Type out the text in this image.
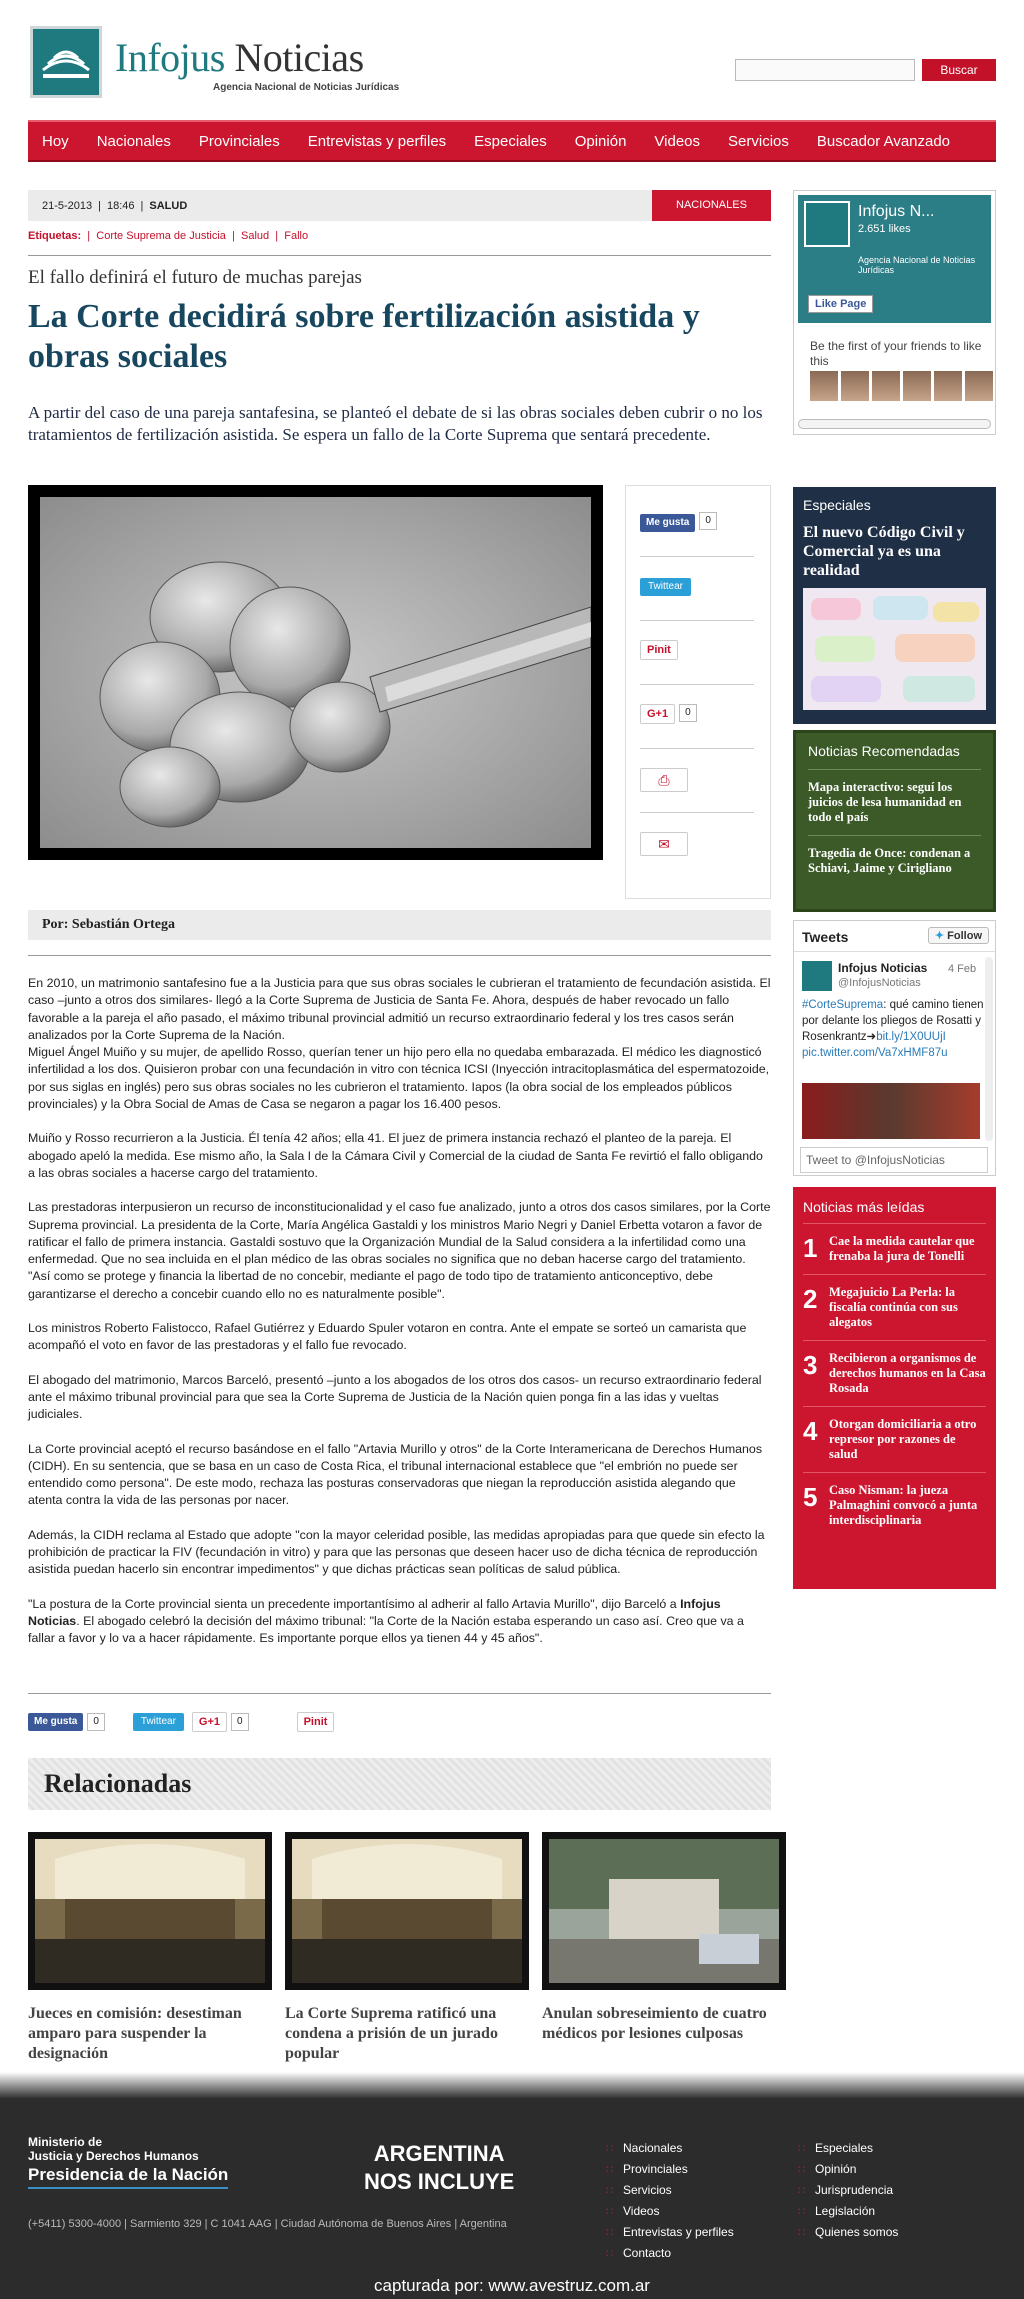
Infojus Noticias
Agencia Nacional de Noticias Jurídicas
Buscar
Hoy	Nacionales	Provinciales	Entrevistas y perfiles	Especiales	Opinión	Videos	Servicios	Buscador Avanzado
21-5-2013 | 18:46 | SALUD	NACIONALES
Etiquetas:  |  Corte Suprema de Justicia  |  Salud  |  Fallo
El fallo definirá el futuro de muchas parejas
La Corte decidirá sobre fertilización asistida y obras sociales

A partir del caso de una pareja santafesina, se planteó el debate de si las obras sociales deben cubrir o no los tratamientos de fertilización asistida. Se espera un fallo de la Corte Suprema que sentará precedente.

Me gusta 0
Twittear
Pinit
G+1 0
⎙
✉
Por: Sebastián Ortega

En 2010, un matrimonio santafesino fue a la Justicia para que sus obras sociales le cubrieran el tratamiento de fecundación asistida. El caso –junto a otros dos similares- llegó a la Corte Suprema de Justicia de Santa Fe. Ahora, después de haber revocado un fallo favorable a la pareja el año pasado, el máximo tribunal provincial admitió un recurso extraordinario federal y los tres casos serán analizados por la Corte Suprema de la Nación.
Miguel Ángel Muiño y su mujer, de apellido Rosso, querían tener un hijo pero ella no quedaba embarazada. El médico les diagnosticó infertilidad a los dos. Quisieron probar con una fecundación in vitro con técnica ICSI (Inyección intracitoplasmática del espermatozoide, por sus siglas en inglés) pero sus obras sociales no les cubrieron el tratamiento. Iapos (la obra social de los empleados públicos provinciales) y la Obra Social de Amas de Casa se negaron a pagar los 16.400 pesos.

Muiño y Rosso recurrieron a la Justicia. Él tenía 42 años; ella 41. El juez de primera instancia rechazó el planteo de la pareja. El abogado apeló la medida. Ese mismo año, la Sala I de la Cámara Civil y Comercial de la ciudad de Santa Fe revirtió el fallo obligando a las obras sociales a hacerse cargo del tratamiento.

Las prestadoras interpusieron un recurso de inconstitucionalidad y el caso fue analizado, junto a otros dos casos similares, por la Corte Suprema provincial. La presidenta de la Corte, María Angélica Gastaldi y los ministros Mario Negri y Daniel Erbetta votaron a favor de ratificar el fallo de primera instancia. Gastaldi sostuvo que la Organización Mundial de la Salud considera a la infertilidad como una enfermedad. Que no sea incluida en el plan médico de las obras sociales no significa que no deban hacerse cargo del tratamiento. "Así como se protege y financia la libertad de no concebir, mediante el pago de todo tipo de tratamiento anticonceptivo, debe garantizarse el derecho a concebir cuando ello no es naturalmente posible".

Los ministros Roberto Falistocco, Rafael Gutiérrez y Eduardo Spuler votaron en contra. Ante el empate se sorteó un camarista que acompañó el voto en favor de las prestadoras y el fallo fue revocado.

El abogado del matrimonio, Marcos Barceló, presentó –junto a los abogados de los otros dos casos- un recurso extraordinario federal ante el máximo tribunal provincial para que sea la Corte Suprema de Justicia de la Nación quien ponga fin a las idas y vueltas judiciales.

La Corte provincial aceptó el recurso basándose en el fallo "Artavia Murillo y otros" de la Corte Interamericana de Derechos Humanos (CIDH). En su sentencia, que se basa en un caso de Costa Rica, el tribunal internacional establece que "el embrión no puede ser entendido como persona". De este modo, rechaza las posturas conservadoras que niegan la reproducción asistida alegando que atenta contra la vida de las personas por nacer.

Además, la CIDH reclama al Estado que adopte "con la mayor celeridad posible, las medidas apropiadas para que quede sin efecto la prohibición de practicar la FIV (fecundación in vitro) y para que las personas que deseen hacer uso de dicha técnica de reproducción asistida puedan hacerlo sin encontrar impedimentos" y que dichas prácticas sean políticas de salud pública.

"La postura de la Corte provincial sienta un precedente importantísimo al adherir al fallo Artavia Murillo", dijo Barceló a Infojus Noticias. El abogado celebró la decisión del máximo tribunal: "la Corte de la Nación estaba esperando un caso así. Creo que va a fallar a favor y lo va a hacer rápidamente. Es importante porque ellos ya tienen 44 y 45 años".

Me gusta	0	Twittear	G+1	0	Pinit
Relacionadas
Jueces en comisión: desestiman amparo para suspender la designación
La Corte Suprema ratificó una condena a prisión de un jurado popular
Anulan sobreseimiento de cuatro médicos por lesiones culposas
Infojus N...
2.651 likes
Agencia Nacional de Noticias Jurídicas
Like Page
Be the first of your friends to like this
Especiales
El nuevo Código Civil y Comercial ya es una realidad
Noticias Recomendadas
Mapa interactivo: seguí los juicios de lesa humanidad en todo el país
Tragedia de Once: condenan a Schiavi, Jaime y Cirigliano
Tweets	✦ Follow
Infojus Noticias
@InfojusNoticias
4 Feb
#CorteSuprema: qué camino tienen por delante los pliegos de Rosatti y Rosenkrantz➜bit.ly/1X0UUjI
pic.twitter.com/Va7xHMF87u
Tweet to @InfojusNoticias
Noticias más leídas
1 Cae la medida cautelar que frenaba la jura de Tonelli
2 Megajuicio La Perla: la fiscalía continúa con sus alegatos
3 Recibieron a organismos de derechos humanos en la Casa Rosada
4 Otorgan domiciliaria a otro represor por razones de salud
5 Caso Nisman: la jueza Palmaghini convocó a junta interdisciplinaria
Ministerio de
Justicia y Derechos Humanos
Presidencia de la Nación
ARGENTINA
NOS INCLUYE
(+5411) 5300-4000 | Sarmiento 329 | C 1041 AAG | Ciudad Autónoma de Buenos Aires | Argentina
∷ Nacionales
∷ Provinciales
∷ Servicios
∷ Videos
∷ Entrevistas y perfiles
∷ Contacto
∷ Especiales
∷ Opinión
∷ Jurisprudencia
∷ Legislación
∷ Quienes somos
capturada por: www.avestruz.com.ar
